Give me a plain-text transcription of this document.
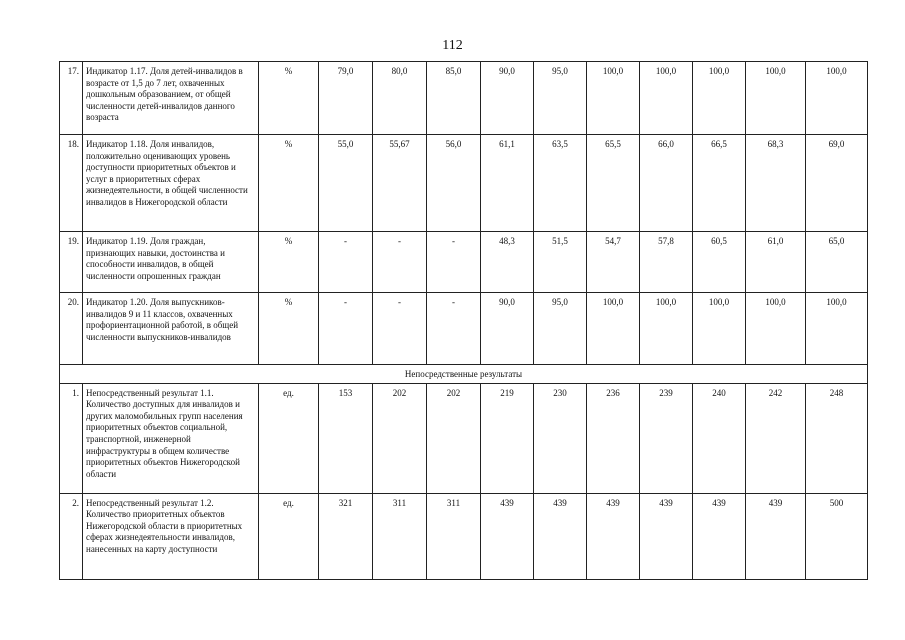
112
17.	Индикатор 1.17. Доля детей-инвалидов в возрасте от 1,5 до 7 лет, охваченных дошкольным образованием, от общей численности детей-инвалидов данного возраста	%	79,0	80,0	85,0	90,0	95,0	100,0	100,0	100,0	100,0	100,0
18.	Индикатор 1.18. Доля инвалидов, положительно оценивающих уровень доступности приоритетных объектов и услуг в приоритетных сферах жизнедеятельности, в общей численности инвалидов в Нижегородской области	%	55,0	55,67	56,0	61,1	63,5	65,5	66,0	66,5	68,3	69,0
19.	Индикатор 1.19. Доля граждан, признающих навыки, достоинства и способности инвалидов, в общей численности опрошенных граждан	%	-	-	-	48,3	51,5	54,7	57,8	60,5	61,0	65,0
20.	Индикатор 1.20. Доля выпускников-инвалидов 9 и 11 классов, охваченных профориентационной работой, в общей численности выпускников-инвалидов	%	-	-	-	90,0	95,0	100,0	100,0	100,0	100,0	100,0
Непосредственные результаты												
1.	Непосредственный результат 1.1. Количество доступных для инвалидов и других маломобильных групп населения приоритетных объектов социальной, транспортной, инженерной инфраструктуры в общем количестве приоритетных объектов Нижегородской области	ед.	153	202	202	219	230	236	239	240	242	248
2.	Непосредственный результат 1.2. Количество приоритетных объектов Нижегородской области в приоритетных сферах жизнедеятельности инвалидов, нанесенных на карту доступности	ед.	321	311	311	439	439	439	439	439	439	500
